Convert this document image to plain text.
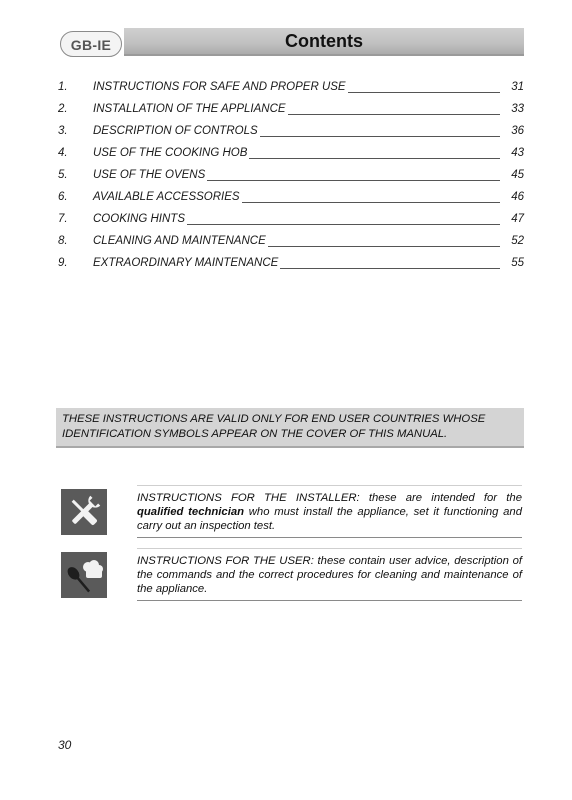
GB-IE	Contents
1.	INSTRUCTIONS FOR SAFE AND PROPER USE	31
2.	INSTALLATION OF THE APPLIANCE	33
3.	DESCRIPTION OF CONTROLS	36
4.	USE OF THE COOKING HOB	43
5.	USE OF THE OVENS	45
6.	AVAILABLE ACCESSORIES	46
7.	COOKING HINTS	47
8.	CLEANING AND MAINTENANCE	52
9.	EXTRAORDINARY MAINTENANCE	55
THESE INSTRUCTIONS ARE VALID ONLY FOR END USER COUNTRIES WHOSE IDENTIFICATION SYMBOLS APPEAR ON THE COVER OF THIS MANUAL.
INSTRUCTIONS FOR THE INSTALLER: these are intended for the qualified technician who must install the appliance, set it functioning and carry out an inspection test.
INSTRUCTIONS FOR THE USER: these contain user advice, description of the commands and the correct procedures for cleaning and maintenance of the appliance.
30
